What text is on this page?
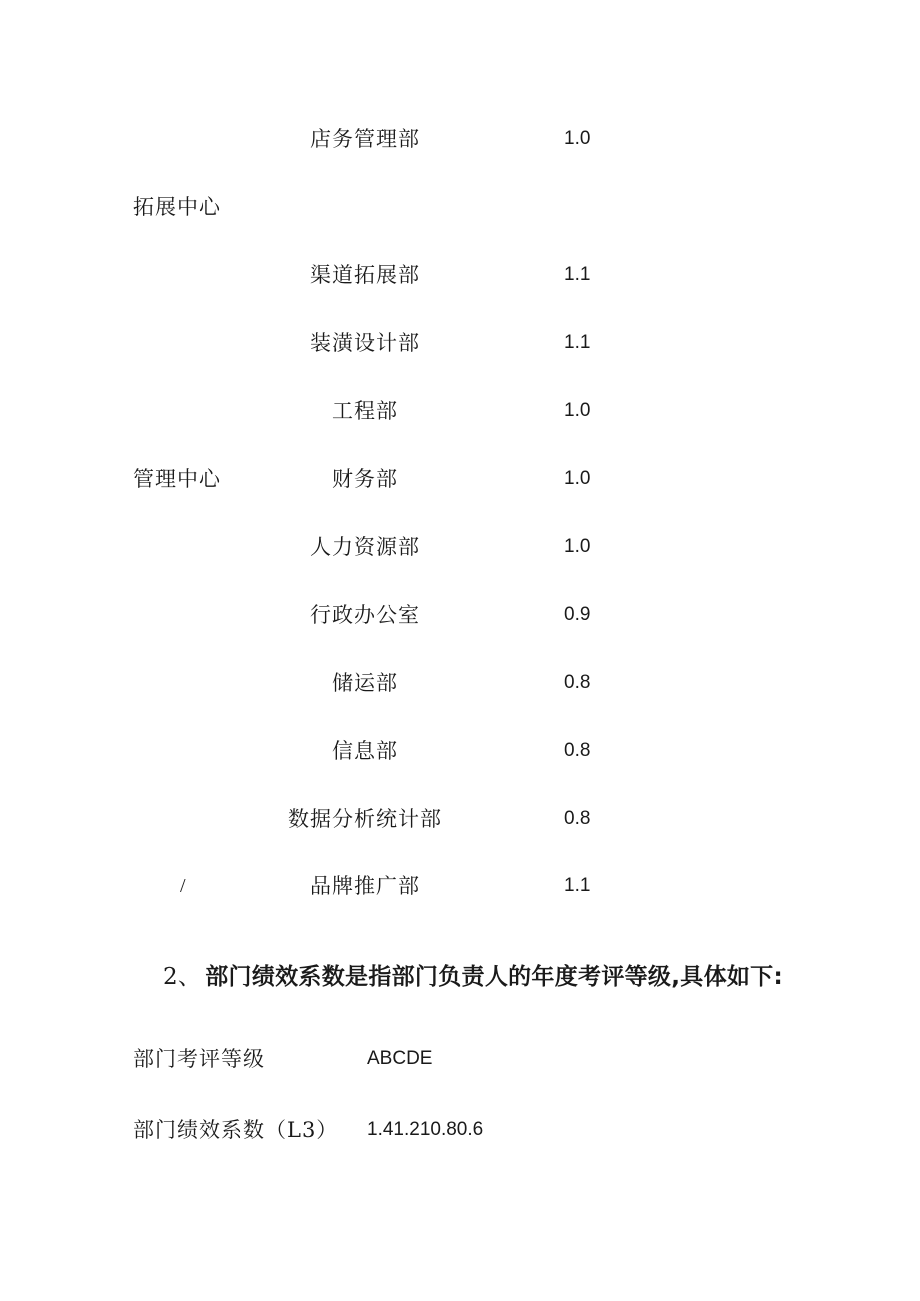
店务管理部	1.0
拓展中心
渠道拓展部	1.1
装潢设计部	1.1
工程部	1.0
管理中心	财务部	1.0
人力资源部	1.0
行政办公室	0.9
储运部	0.8
信息部	0.8
数据分析统计部	0.8
/	品牌推广部	1.1
2、 部门绩效系数是指部门负责人的年度考评等级,具体如下:
部门考评等级	ABCDE
部门绩效系数（L3） 1.41.210.80.6
